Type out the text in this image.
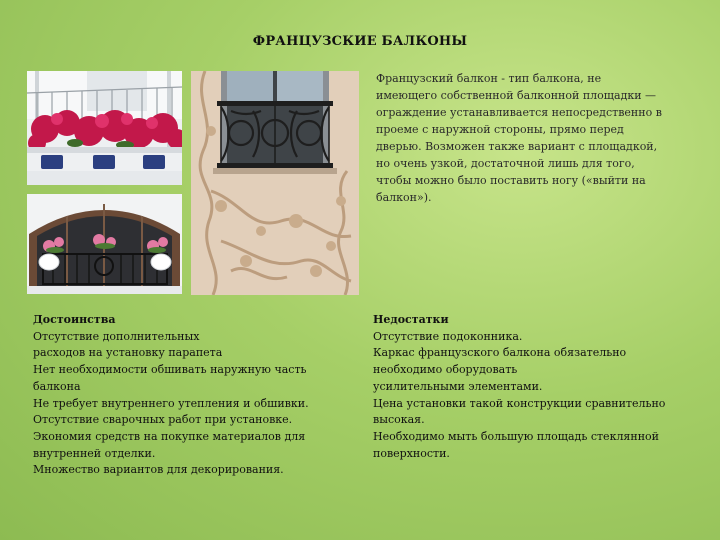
ФРАНЦУЗСКИЕ БАЛКОНЫ
Французский балкон - тип балкона, не
имеющего собственной балконной площадки —
ограждение устанавливается непосредственно в
проеме с наружной стороны, прямо перед
дверью. Возможен также вариант с площадкой,
но очень узкой, достаточной лишь для того,
чтобы можно было поставить ногу («выйти на
балкон»).
Достоинства
Отсутствие дополнительных
расходов на установку парапета
Нет необходимости обшивать наружную часть
балкона
Не требует внутреннего утепления и обшивки.
Отсутствие сварочных работ при установке.
Экономия средств на покупке материалов для
внутренней отделки.
Множество вариантов для декорирования.
Недостатки
Отсутствие подоконника.
Каркас французского балкона обязательно
необходимо оборудовать
усилительными элементами.
Цена установки такой конструкции сравнительно
высокая.
Необходимо мыть большую площадь стеклянной
поверхности.
